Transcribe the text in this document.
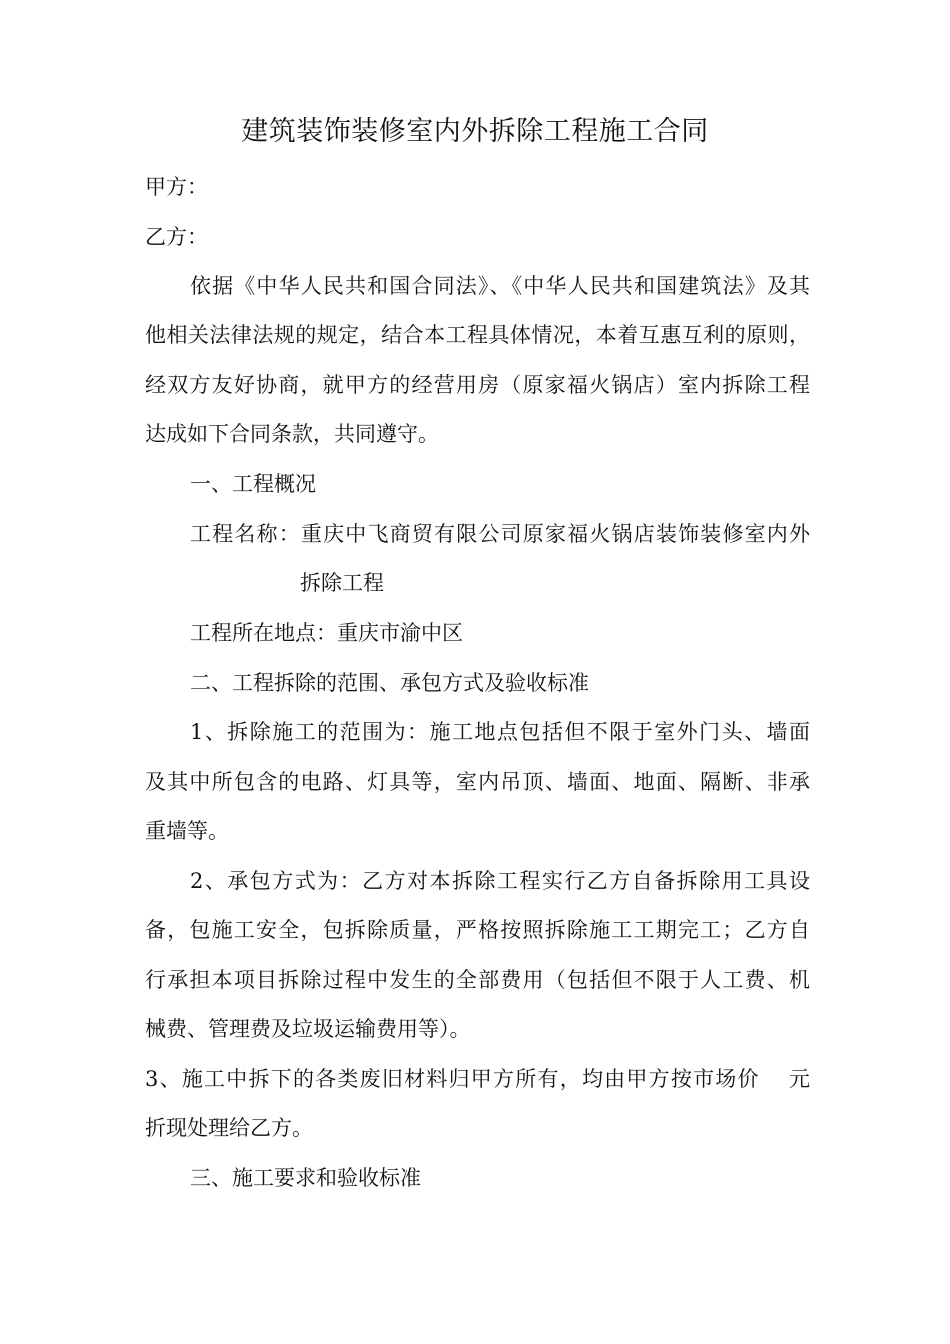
建筑装饰装修室内外拆除工程施工合同
甲方：
乙方：
依据《中华人民共和国合同法》、《中华人民共和国建筑法》及其
他相关法律法规的规定，结合本工程具体情况，本着互惠互利的原则，
经双方友好协商，就甲方的经营用房（原家福火锅店）室内拆除工程
达成如下合同条款，共同遵守。
一、工程概况
工程名称：重庆中飞商贸有限公司原家福火锅店装饰装修室内外
拆除工程
工程所在地点：重庆市渝中区
二、工程拆除的范围、承包方式及验收标准
1、拆除施工的范围为：施工地点包括但不限于室外门头、墙面
及其中所包含的电路、灯具等，室内吊顶、墙面、地面、隔断、非承
重墙等。
2、承包方式为：乙方对本拆除工程实行乙方自备拆除用工具设
备，包施工安全，包拆除质量，严格按照拆除施工工期完工；乙方自
行承担本项目拆除过程中发生的全部费用（包括但不限于人工费、机
械费、管理费及垃圾运输费用等）。
3、施工中拆下的各类废旧材料归甲方所有，均由甲方按市场价 元
折现处理给乙方。
三、施工要求和验收标准
